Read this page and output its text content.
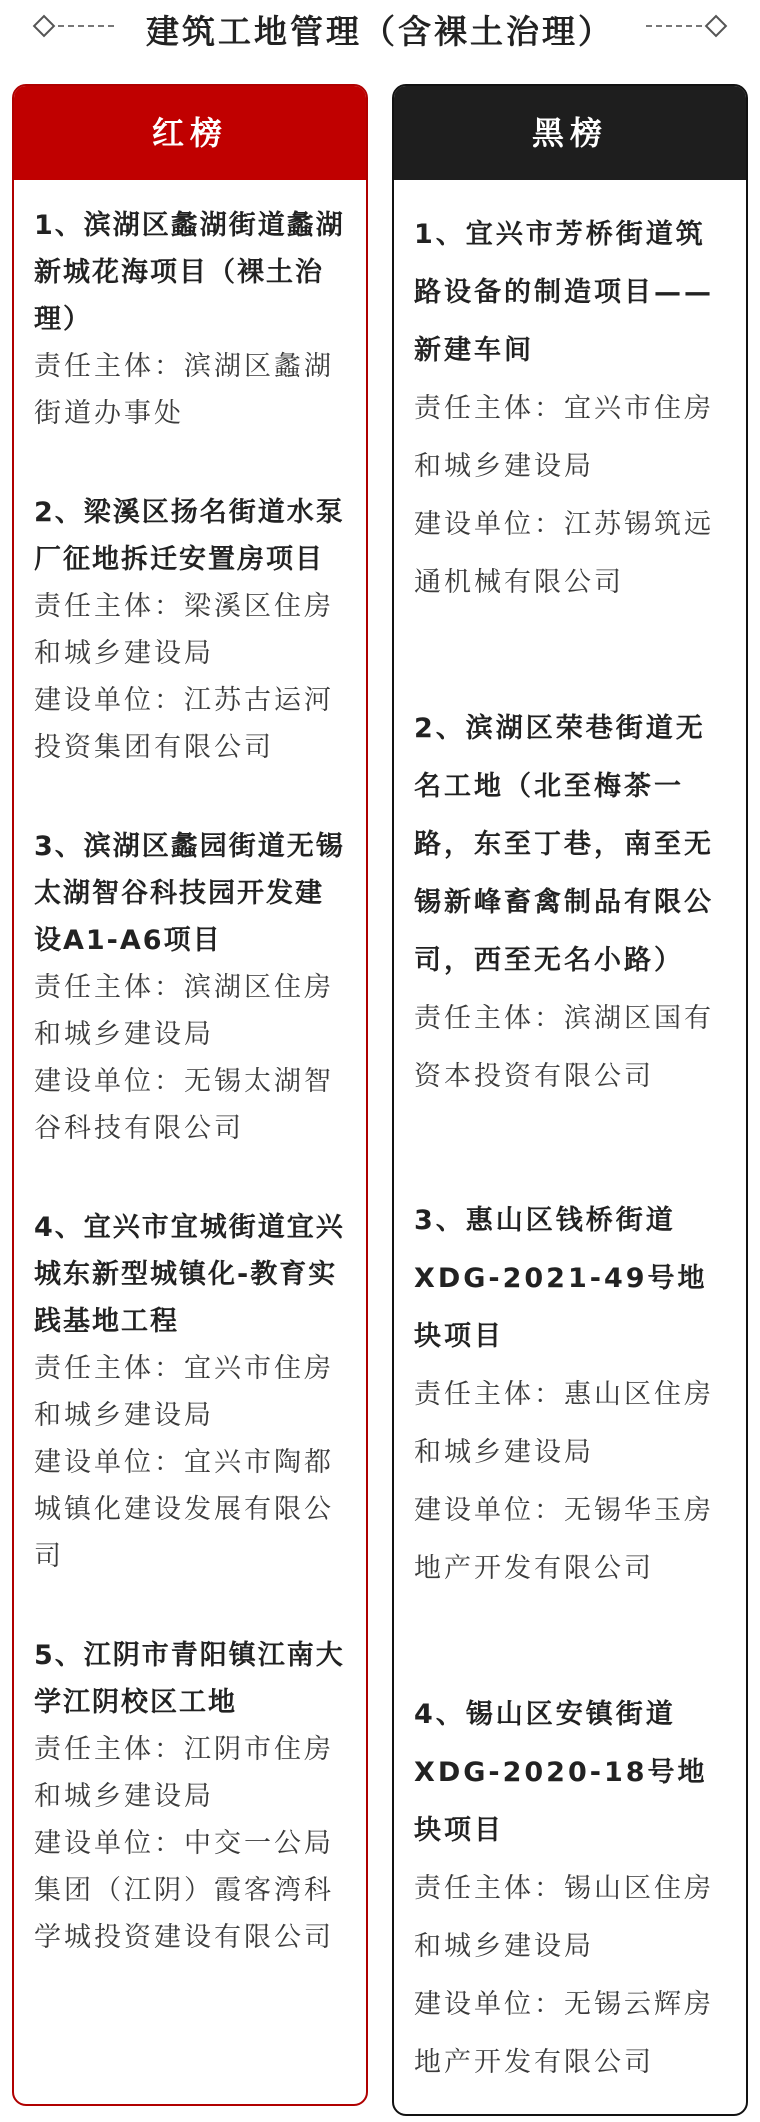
建筑工地管理（含裸土治理）
红榜
1、滨湖区蠡湖街道蠡湖新城花海项目（裸土治理）
责任主体：滨湖区蠡湖街道办事处
2、梁溪区扬名街道水泵厂征地拆迁安置房项目
责任主体：梁溪区住房和城乡建设局
建设单位：江苏古运河投资集团有限公司
3、滨湖区蠡园街道无锡太湖智谷科技园开发建设A1-A6项目
责任主体：滨湖区住房和城乡建设局
建设单位：无锡太湖智谷科技有限公司
4、宜兴市宜城街道宜兴城东新型城镇化-教育实践基地工程
责任主体：宜兴市住房和城乡建设局
建设单位：宜兴市陶都城镇化建设发展有限公司
5、江阴市青阳镇江南大学江阴校区工地
责任主体：江阴市住房和城乡建设局
建设单位：中交一公局集团（江阴）霞客湾科学城投资建设有限公司
黑榜
1、宜兴市芳桥街道筑路设备的制造项目——新建车间
责任主体：宜兴市住房和城乡建设局
建设单位：江苏锡筑远通机械有限公司
2、滨湖区荣巷街道无名工地（北至梅茶一路，东至丁巷，南至无锡新峰畜禽制品有限公司，西至无名小路）
责任主体：滨湖区国有资本投资有限公司
3、惠山区钱桥街道XDG-2021-49号地块项目
责任主体：惠山区住房和城乡建设局
建设单位：无锡华玉房地产开发有限公司
4、锡山区安镇街道XDG-2020-18号地块项目
责任主体：锡山区住房和城乡建设局
建设单位：无锡云辉房地产开发有限公司
